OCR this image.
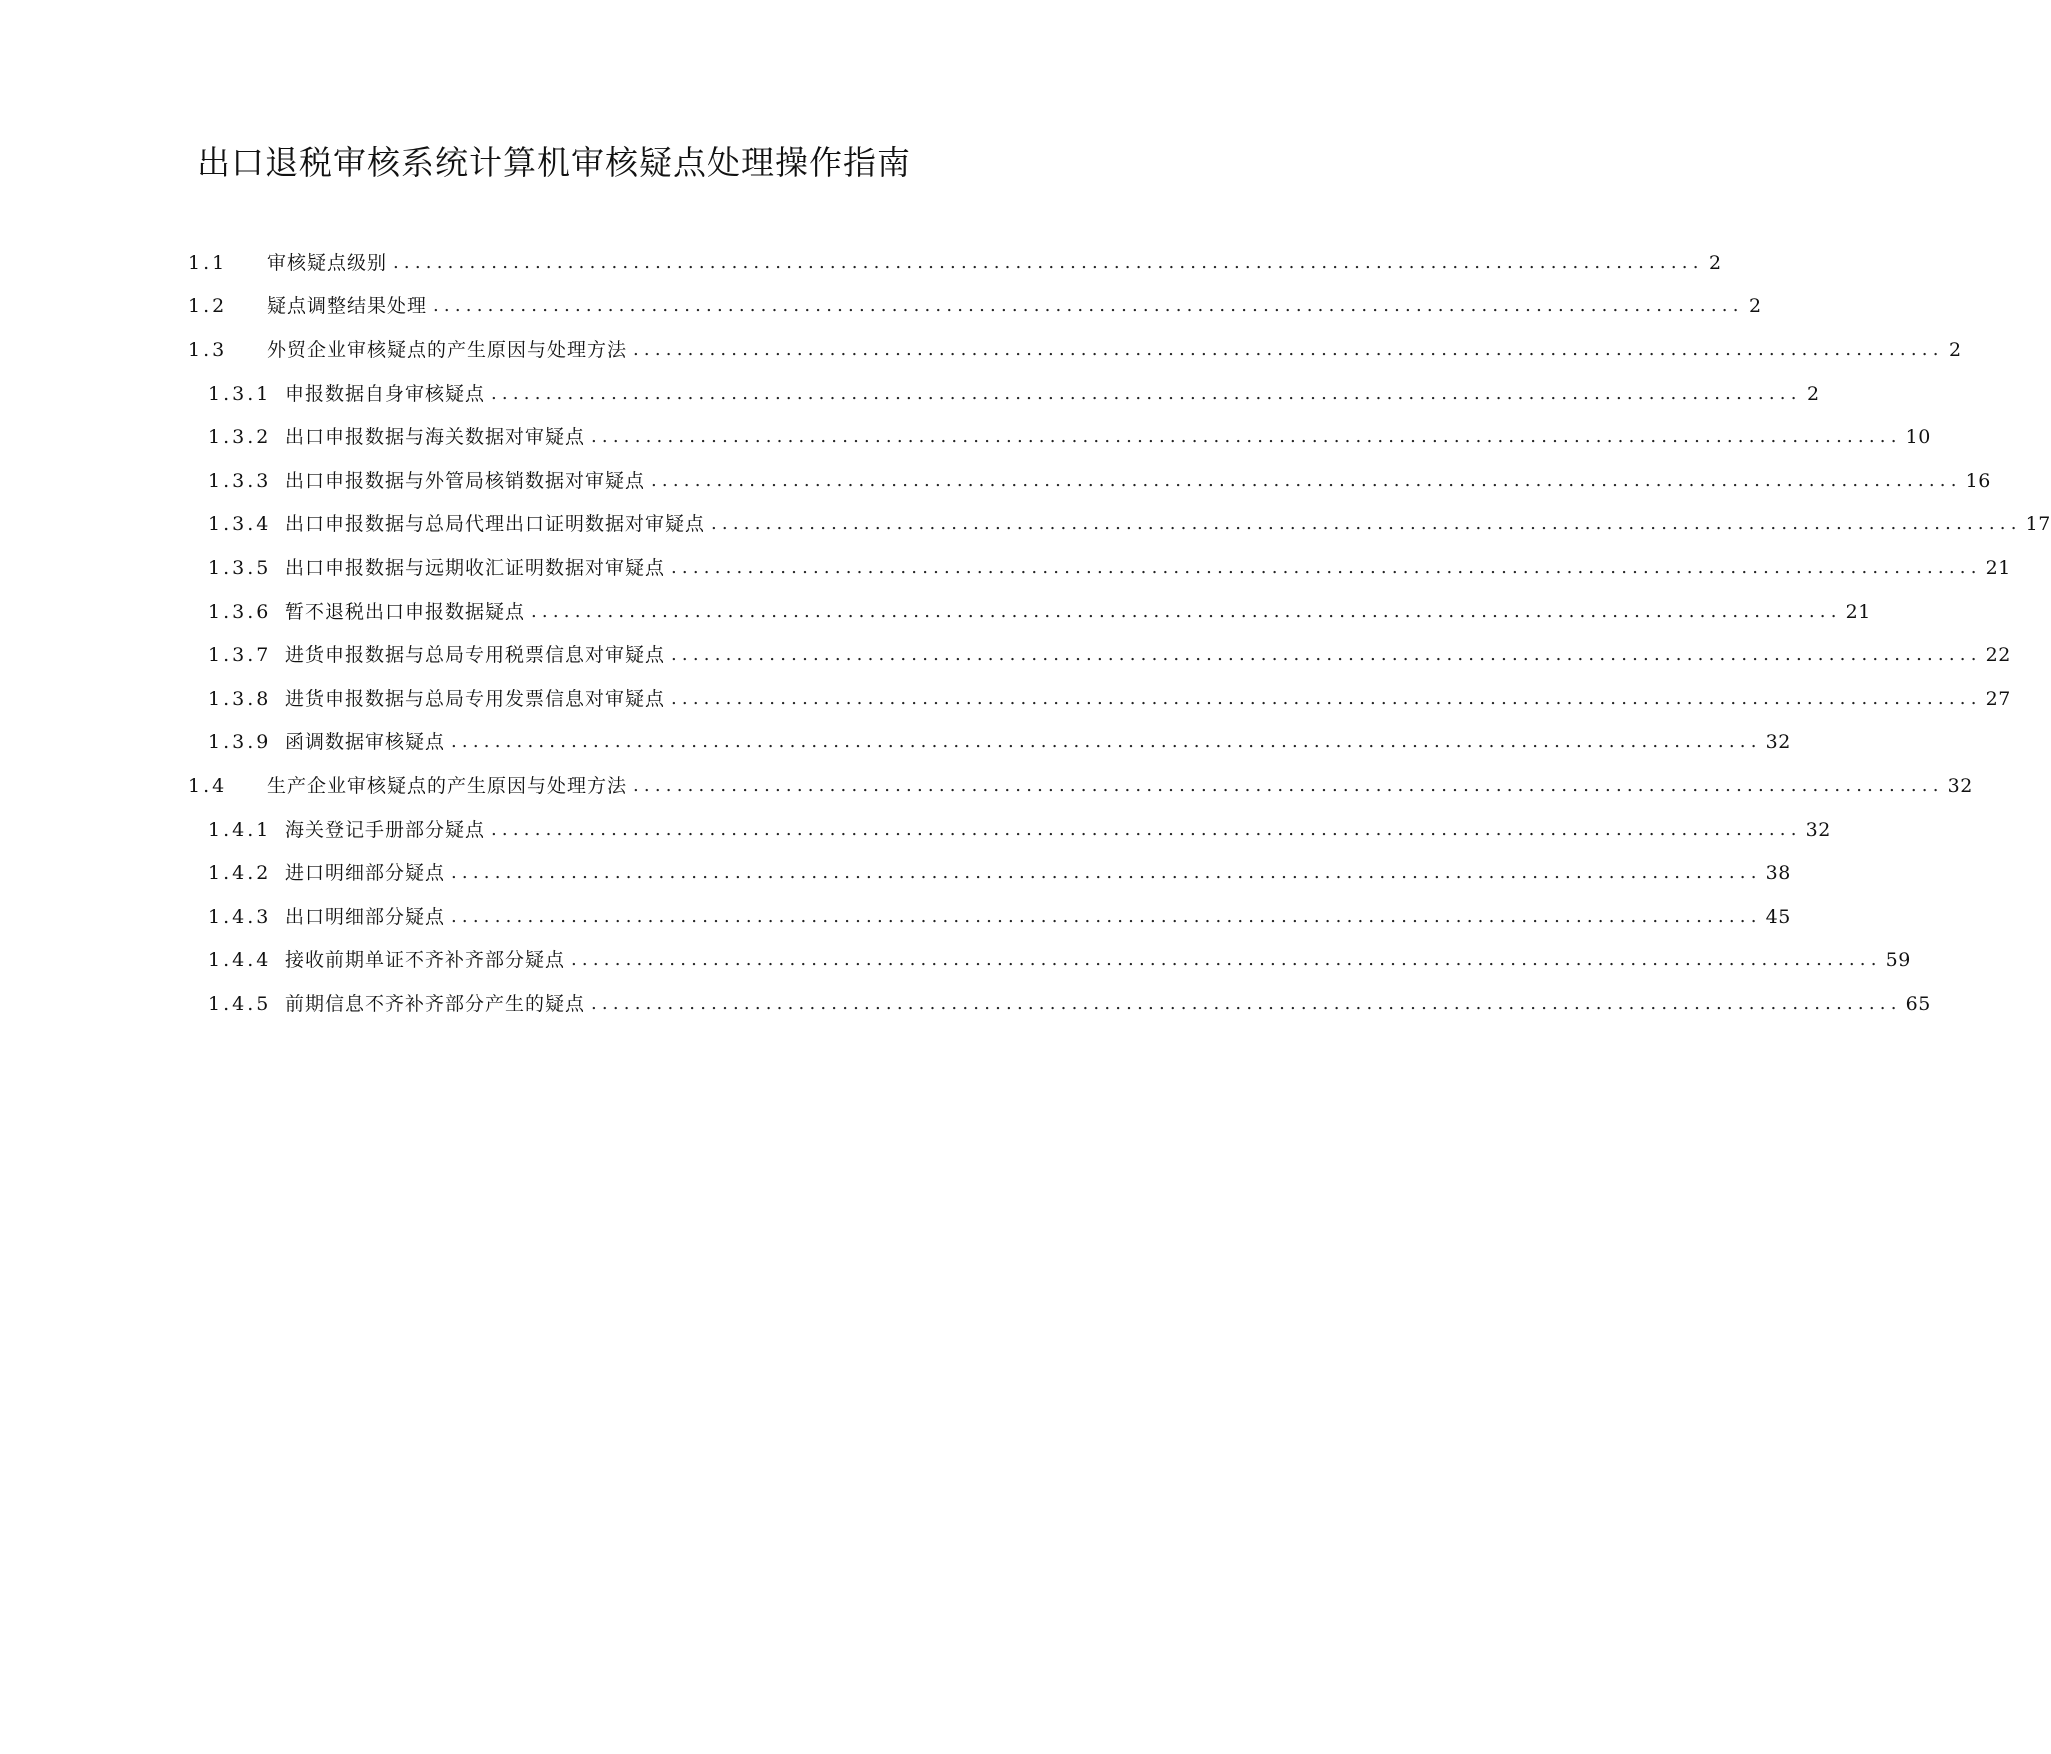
出口退税审核系统计算机审核疑点处理操作指南
1.1	审核疑点级别 ........................................................................................................................ 2
1.2	疑点调整结果处理 ........................................................................................................................ 2
1.3	外贸企业审核疑点的产生原因与处理方法 ........................................................................................................................ 2
1.3.1 申报数据自身审核疑点 ........................................................................................................................ 2
1.3.2 出口申报数据与海关数据对审疑点 ........................................................................................................................ 10
1.3.3 出口申报数据与外管局核销数据对审疑点 ........................................................................................................................ 16
1.3.4 出口申报数据与总局代理出口证明数据对审疑点 ........................................................................................................................ 17
1.3.5 出口申报数据与远期收汇证明数据对审疑点 ........................................................................................................................ 21
1.3.6 暂不退税出口申报数据疑点 ........................................................................................................................ 21
1.3.7 进货申报数据与总局专用税票信息对审疑点 ........................................................................................................................ 22
1.3.8 进货申报数据与总局专用发票信息对审疑点 ........................................................................................................................ 27
1.3.9 函调数据审核疑点 ........................................................................................................................ 32
1.4	生产企业审核疑点的产生原因与处理方法 ........................................................................................................................ 32
1.4.1 海关登记手册部分疑点 ........................................................................................................................ 32
1.4.2 进口明细部分疑点 ........................................................................................................................ 38
1.4.3 出口明细部分疑点 ........................................................................................................................ 45
1.4.4 接收前期单证不齐补齐部分疑点 ........................................................................................................................ 59
1.4.5 前期信息不齐补齐部分产生的疑点 ........................................................................................................................ 65
